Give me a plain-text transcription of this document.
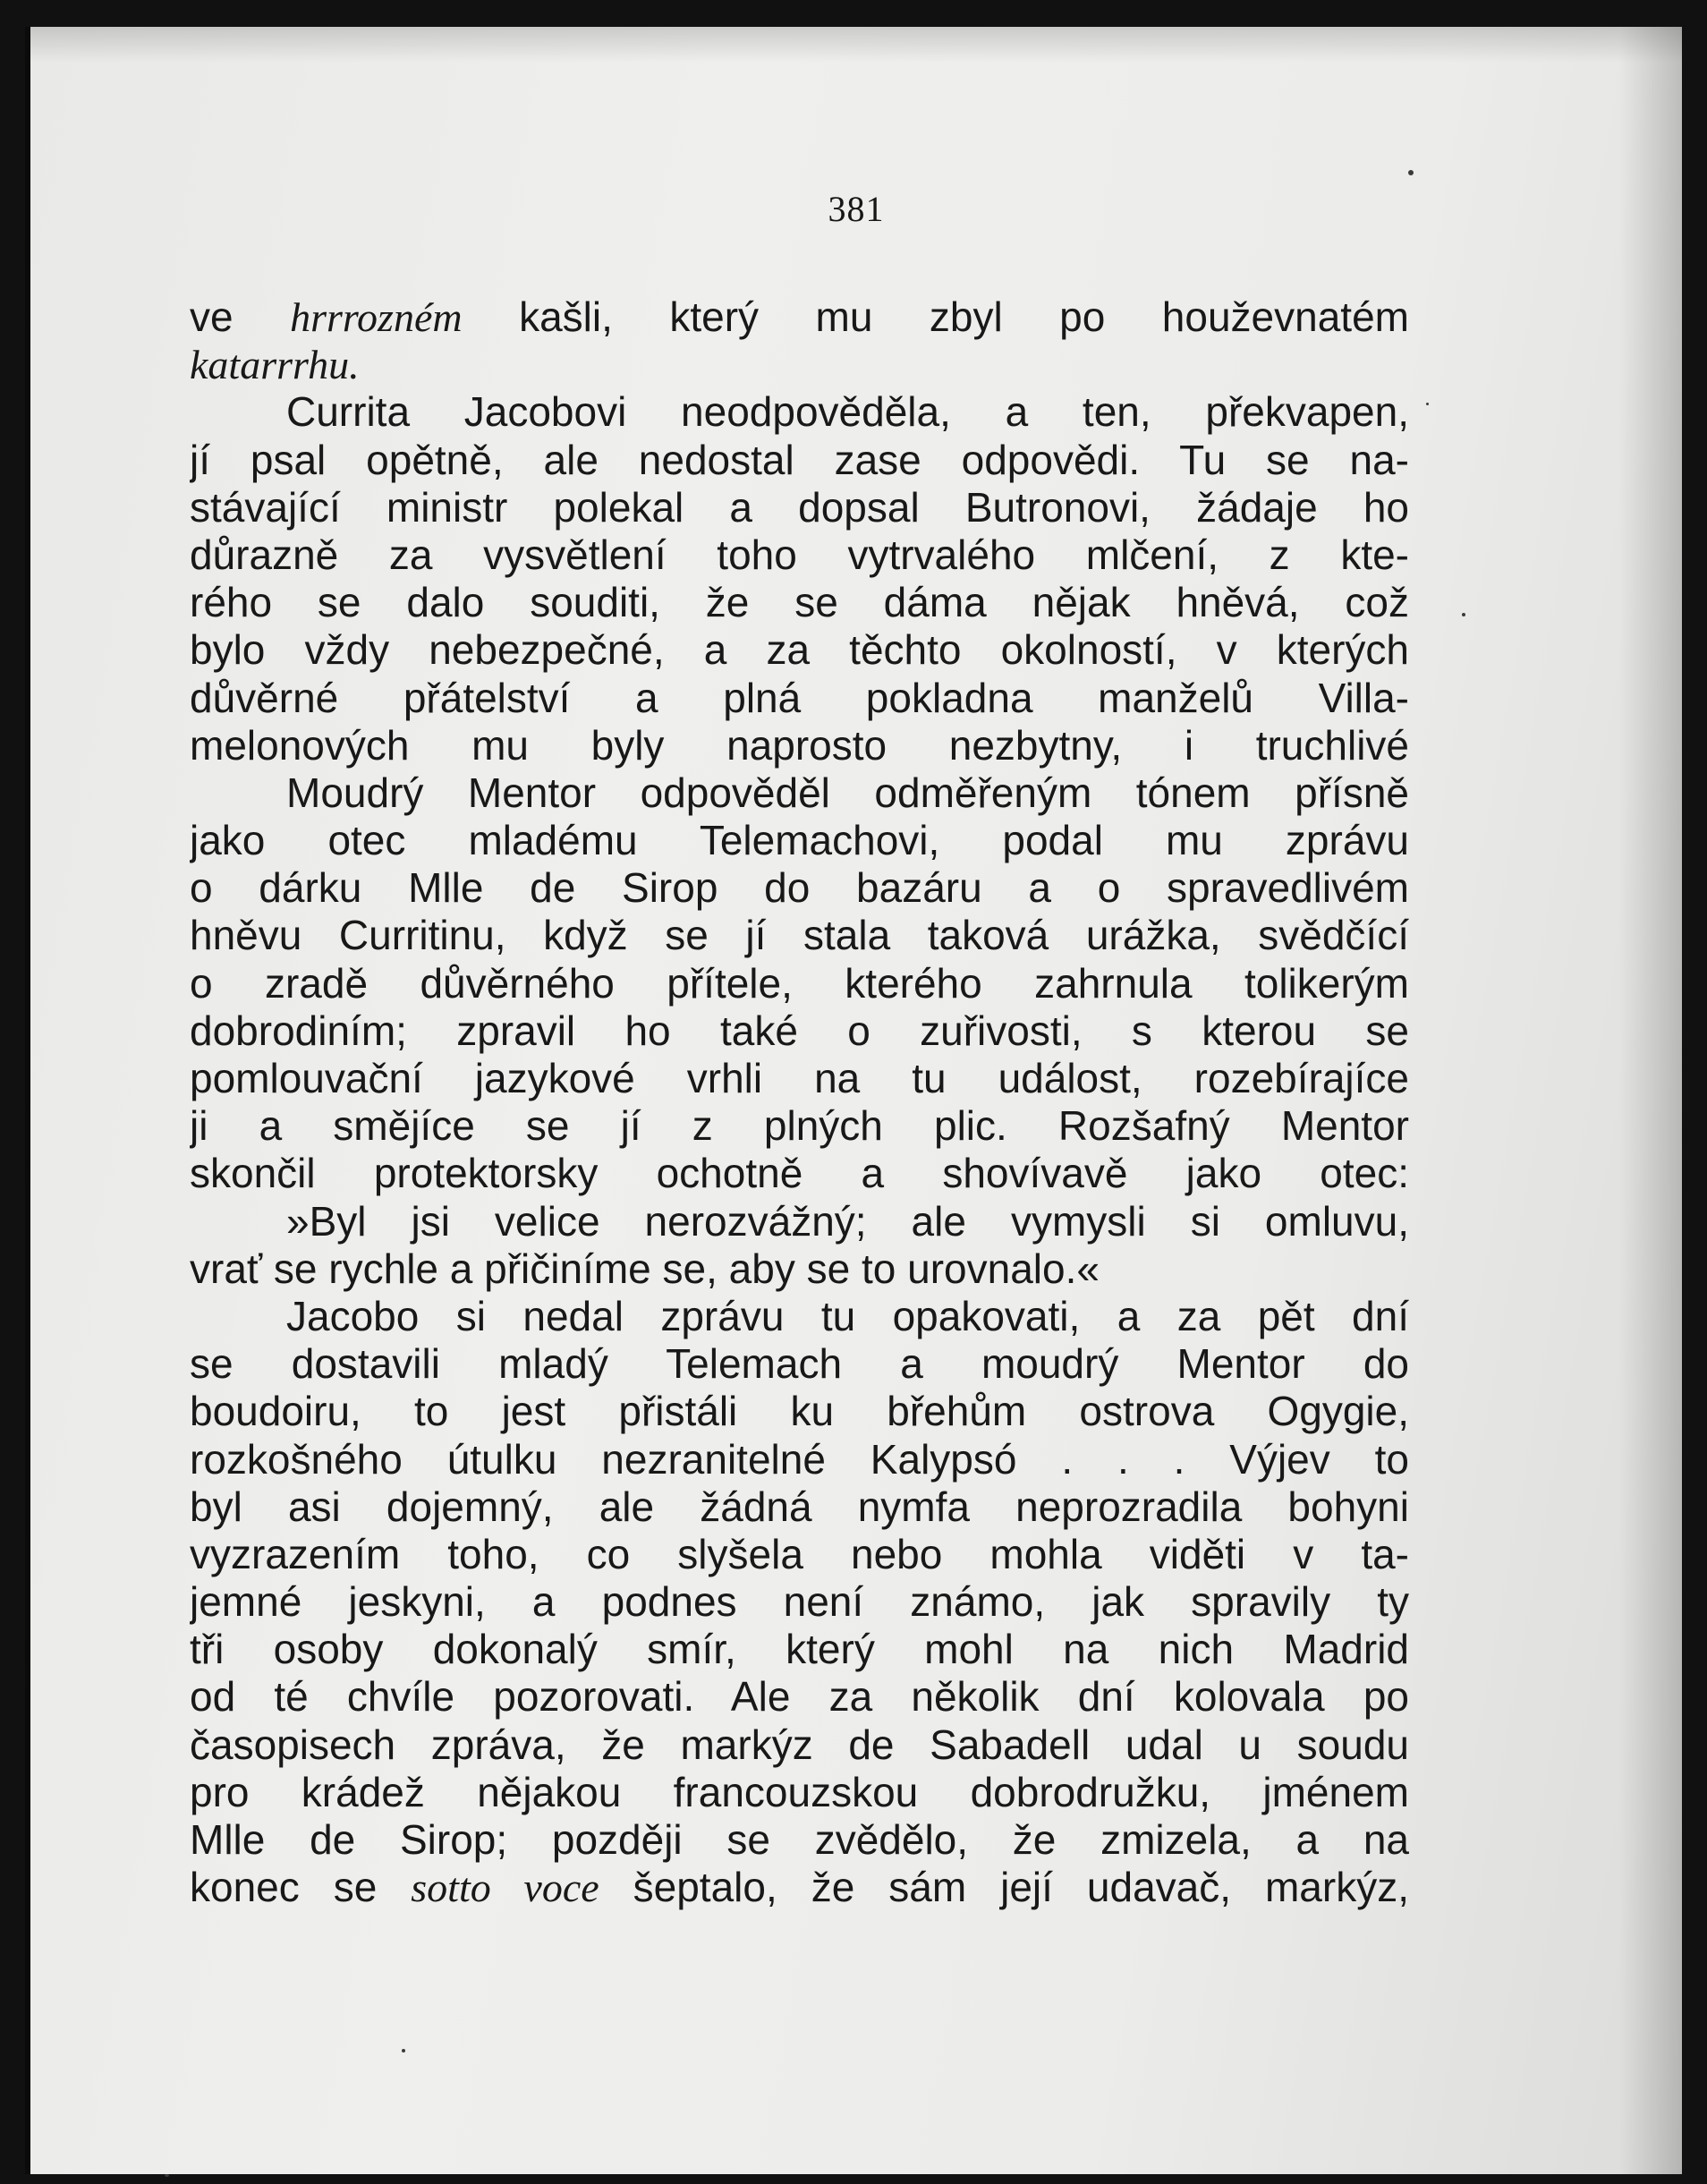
381

ve hrrrozném kašli, který mu zbyl po houževnatém
katarrrhu.
Currita Jacobovi neodpověděla, a ten, překvapen,
jí psal opětně, ale nedostal zase odpovědi. Tu se na-
stávající ministr polekal a dopsal Butronovi, žádaje ho
důrazně za vysvětlení toho vytrvalého mlčení, z kte-
rého se dalo souditi, že se dáma nějak hněvá, což
bylo vždy nebezpečné, a za těchto okolností, v kterých
důvěrné přátelství a plná pokladna manželů Villa-
melonových mu byly naprosto nezbytny, i truchlivé
Moudrý Mentor odpověděl odměřeným tónem přísně
jako otec mladému Telemachovi, podal mu zprávu
o dárku Mlle de Sirop do bazáru a o spravedlivém
hněvu Curritinu, když se jí stala taková urážka, svědčící
o zradě důvěrného přítele, kterého zahrnula tolikerým
dobrodiním; zpravil ho také o zuřivosti, s kterou se
pomlouvační jazykové vrhli na tu událost, rozebírajíce
ji a smějíce se jí z plných plic. Rozšafný Mentor
skončil protektorsky ochotně a shovívavě jako otec:
»Byl jsi velice nerozvážný; ale vymysli si omluvu,
vrať se rychle a přičiníme se, aby se to urovnalo.«
Jacobo si nedal zprávu tu opakovati, a za pět dní
se dostavili mladý Telemach a moudrý Mentor do
boudoiru, to jest přistáli ku břehům ostrova Ogygie,
rozkošného útulku nezranitelné Kalypsó . . . Výjev to
byl asi dojemný, ale žádná nymfa neprozradila bohyni
vyzrazením toho, co slyšela nebo mohla viděti v ta-
jemné jeskyni, a podnes není známo, jak spravily ty
tři osoby dokonalý smír, který mohl na nich Madrid
od té chvíle pozorovati. Ale za několik dní kolovala po
časopisech zpráva, že markýz de Sabadell udal u soudu
pro krádež nějakou francouzskou dobrodružku, jménem
Mlle de Sirop; později se zvědělo, že zmizela, a na
konec se sotto voce šeptalo, že sám její udavač, markýz,
